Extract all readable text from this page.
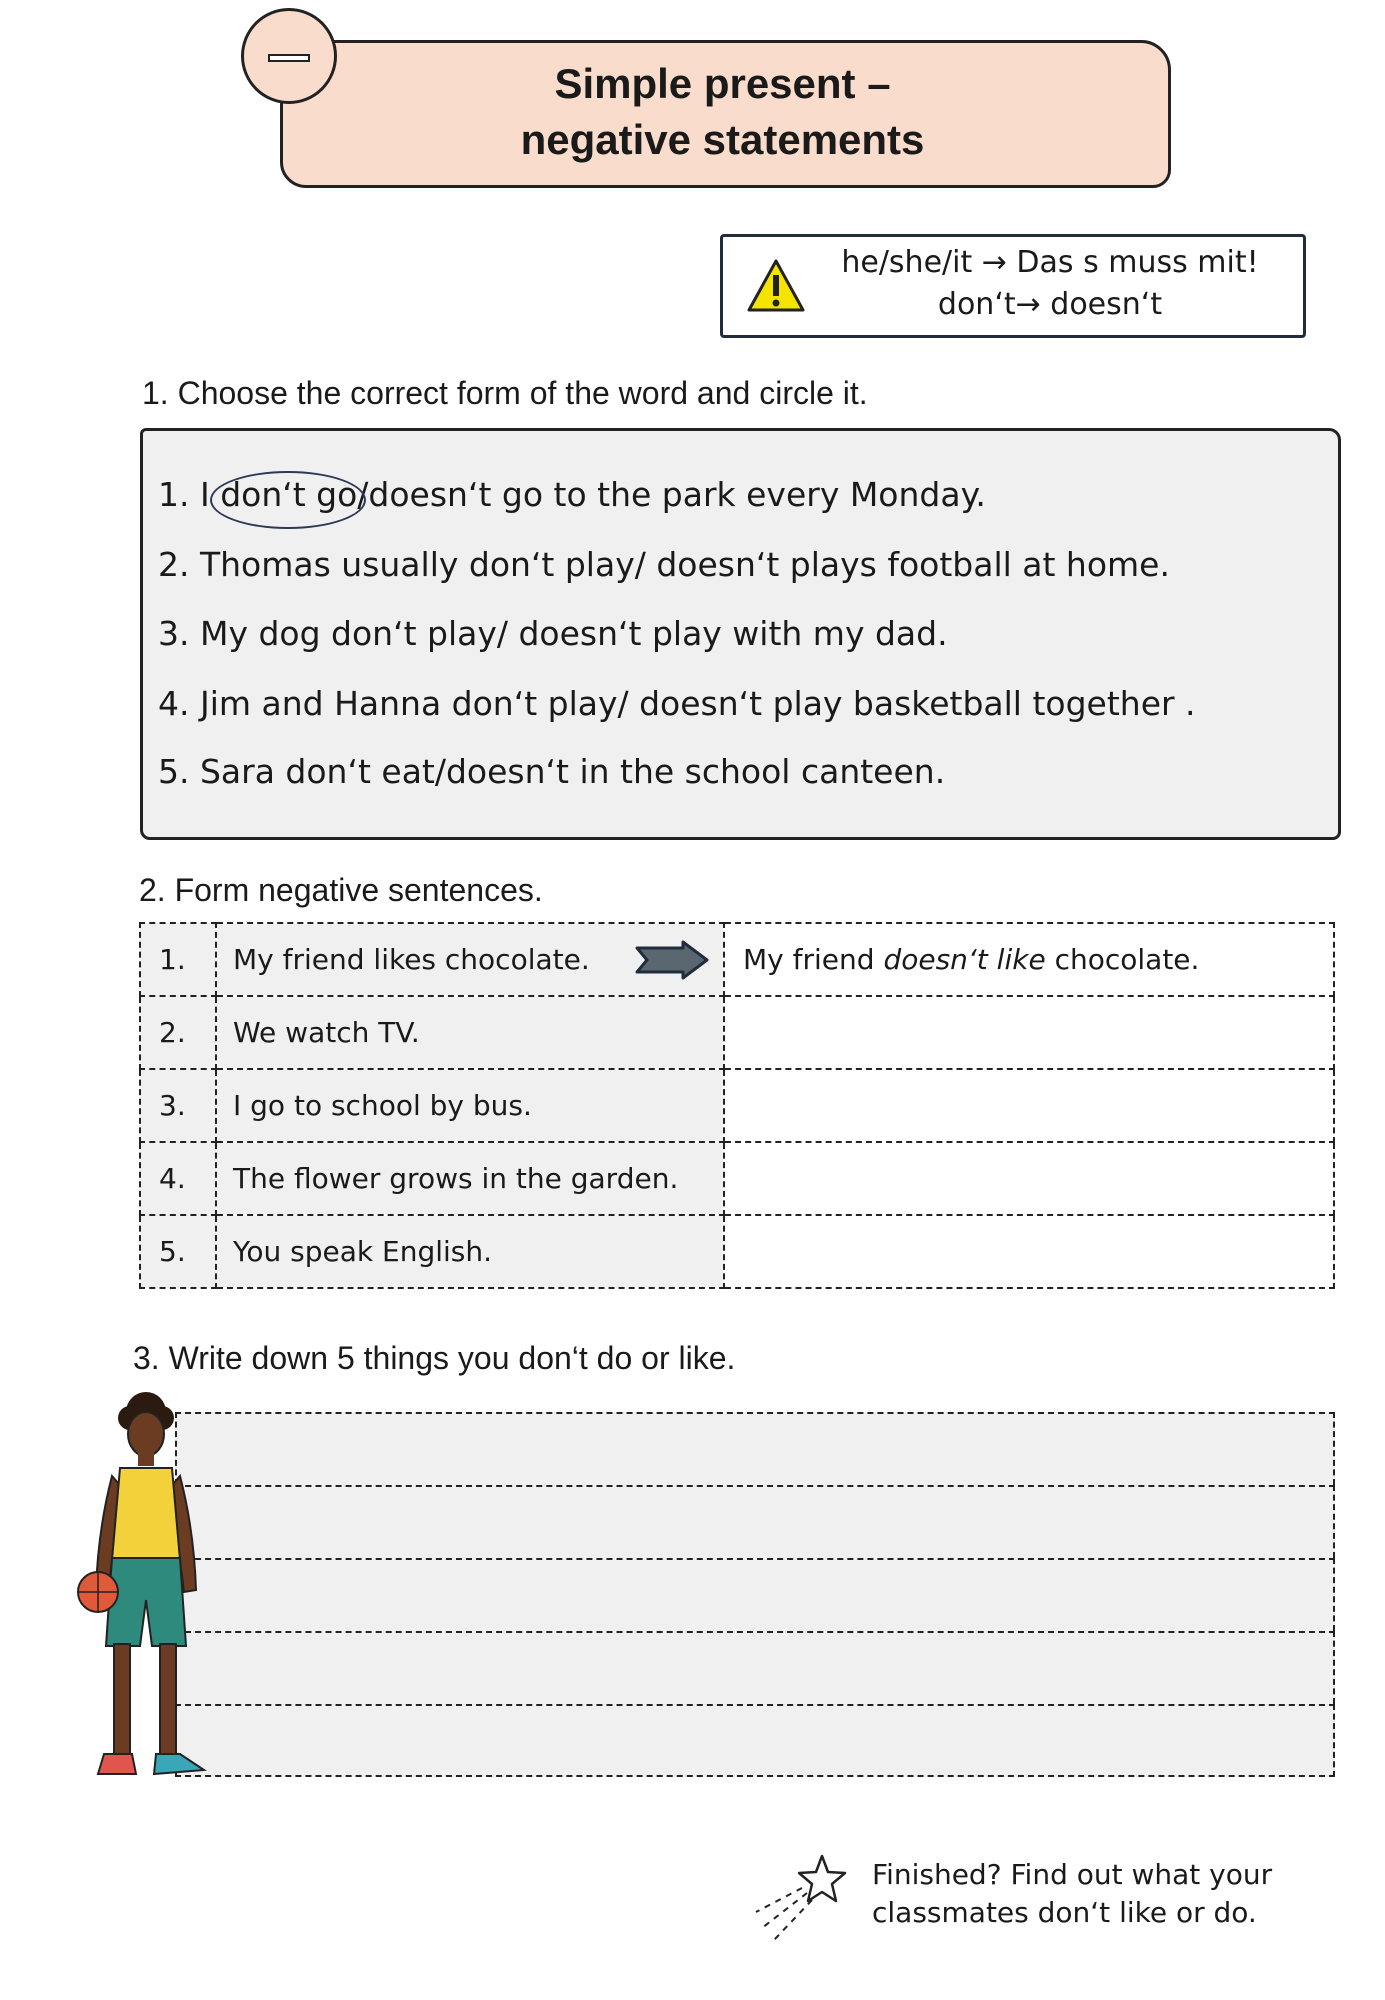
Simple present –
negative statements
he/she/it → Das s muss mit!
don‘t→ doesn‘t
1. Choose the correct form of the word and circle it.
1. I don‘t go/doesn‘t go to the park every Monday.
2. Thomas usually don‘t play/ doesn‘t plays football at home.
3. My dog don‘t play/ doesn‘t play with my dad.
4. Jim and Hanna don‘t play/ doesn‘t play basketball together .
5. Sara don‘t eat/doesn‘t in the school canteen.
2. Form negative sentences.
1.	My friend likes chocolate.	My friend doesn‘t like chocolate.
2.	We watch TV.	
3.	I go to school by bus.	
4.	The flower grows in the garden.	
5.	You speak English.	
3. Write down 5 things you don‘t do or like.
Finished? Find out what your
classmates don‘t like or do.
